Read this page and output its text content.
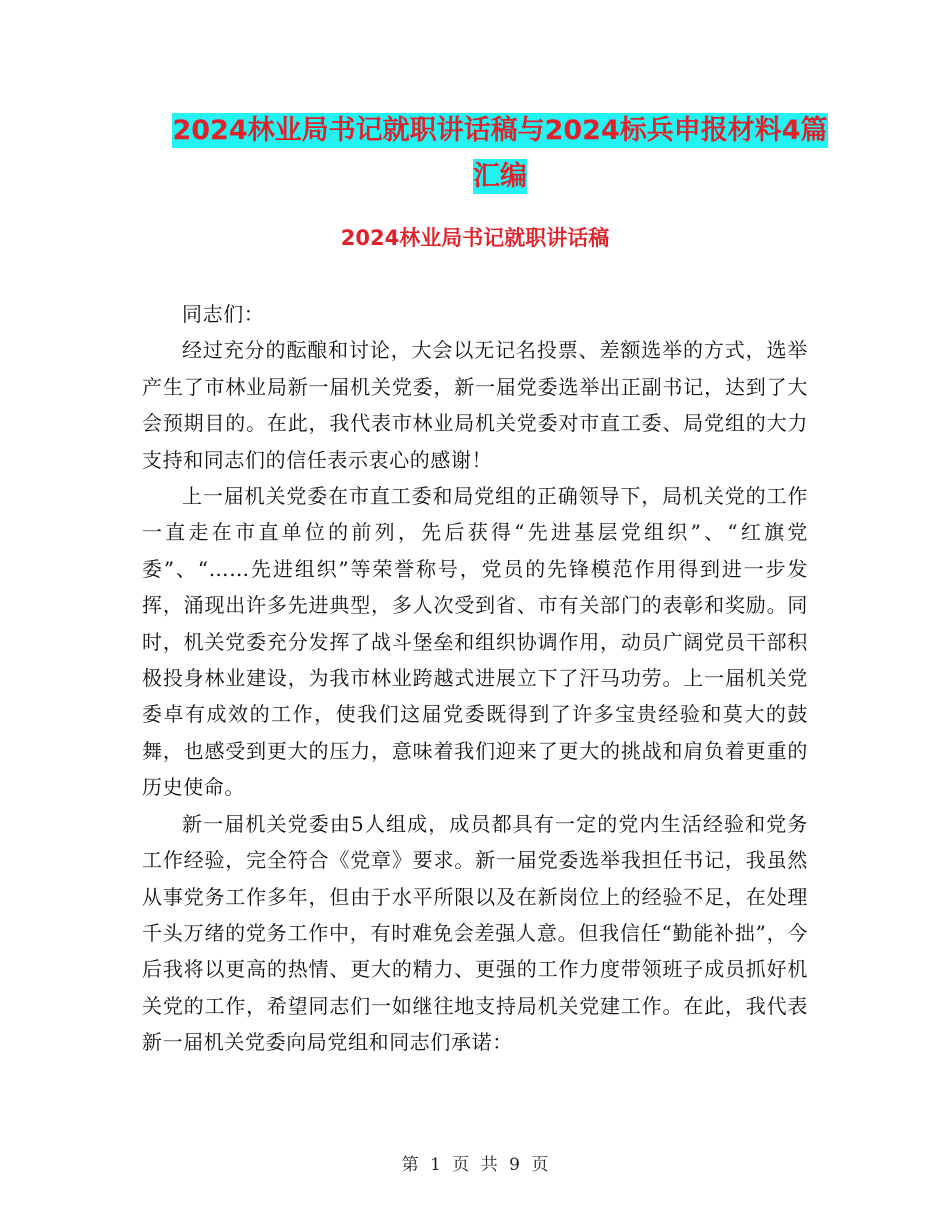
2024林业局书记就职讲话稿与2024标兵申报材料4篇
汇编
2024林业局书记就职讲话稿

同志们：

经过充分的酝酿和讨论，大会以无记名投票、差额选举的方式，选举产生了市林业局新一届机关党委，新一届党委选举出正副书记，达到了大会预期目的。在此，我代表市林业局机关党委对市直工委、局党组的大力支持和同志们的信任表示衷心的感谢！

上一届机关党委在市直工委和局党组的正确领导下，局机关党的工作一直走在市直单位的前列，先后获得“先进基层党组织”、“红旗党委”、“……先进组织”等荣誉称号，党员的先锋模范作用得到进一步发挥，涌现出许多先进典型，多人次受到省、市有关部门的表彰和奖励。同时，机关党委充分发挥了战斗堡垒和组织协调作用，动员广阔党员干部积极投身林业建设，为我市林业跨越式进展立下了汗马功劳。上一届机关党委卓有成效的工作，使我们这届党委既得到了许多宝贵经验和莫大的鼓舞，也感受到更大的压力，意味着我们迎来了更大的挑战和肩负着更重的历史使命。

新一届机关党委由5人组成，成员都具有一定的党内生活经验和党务工作经验，完全符合《党章》要求。新一届党委选举我担任书记，我虽然从事党务工作多年，但由于水平所限以及在新岗位上的经验不足，在处理千头万绪的党务工作中，有时难免会差强人意。但我信任“勤能补拙”，今后我将以更高的热情、更大的精力、更强的工作力度带领班子成员抓好机关党的工作，希望同志们一如继往地支持局机关党建工作。在此，我代表新一届机关党委向局党组和同志们承诺：

第 1 页 共 9 页
